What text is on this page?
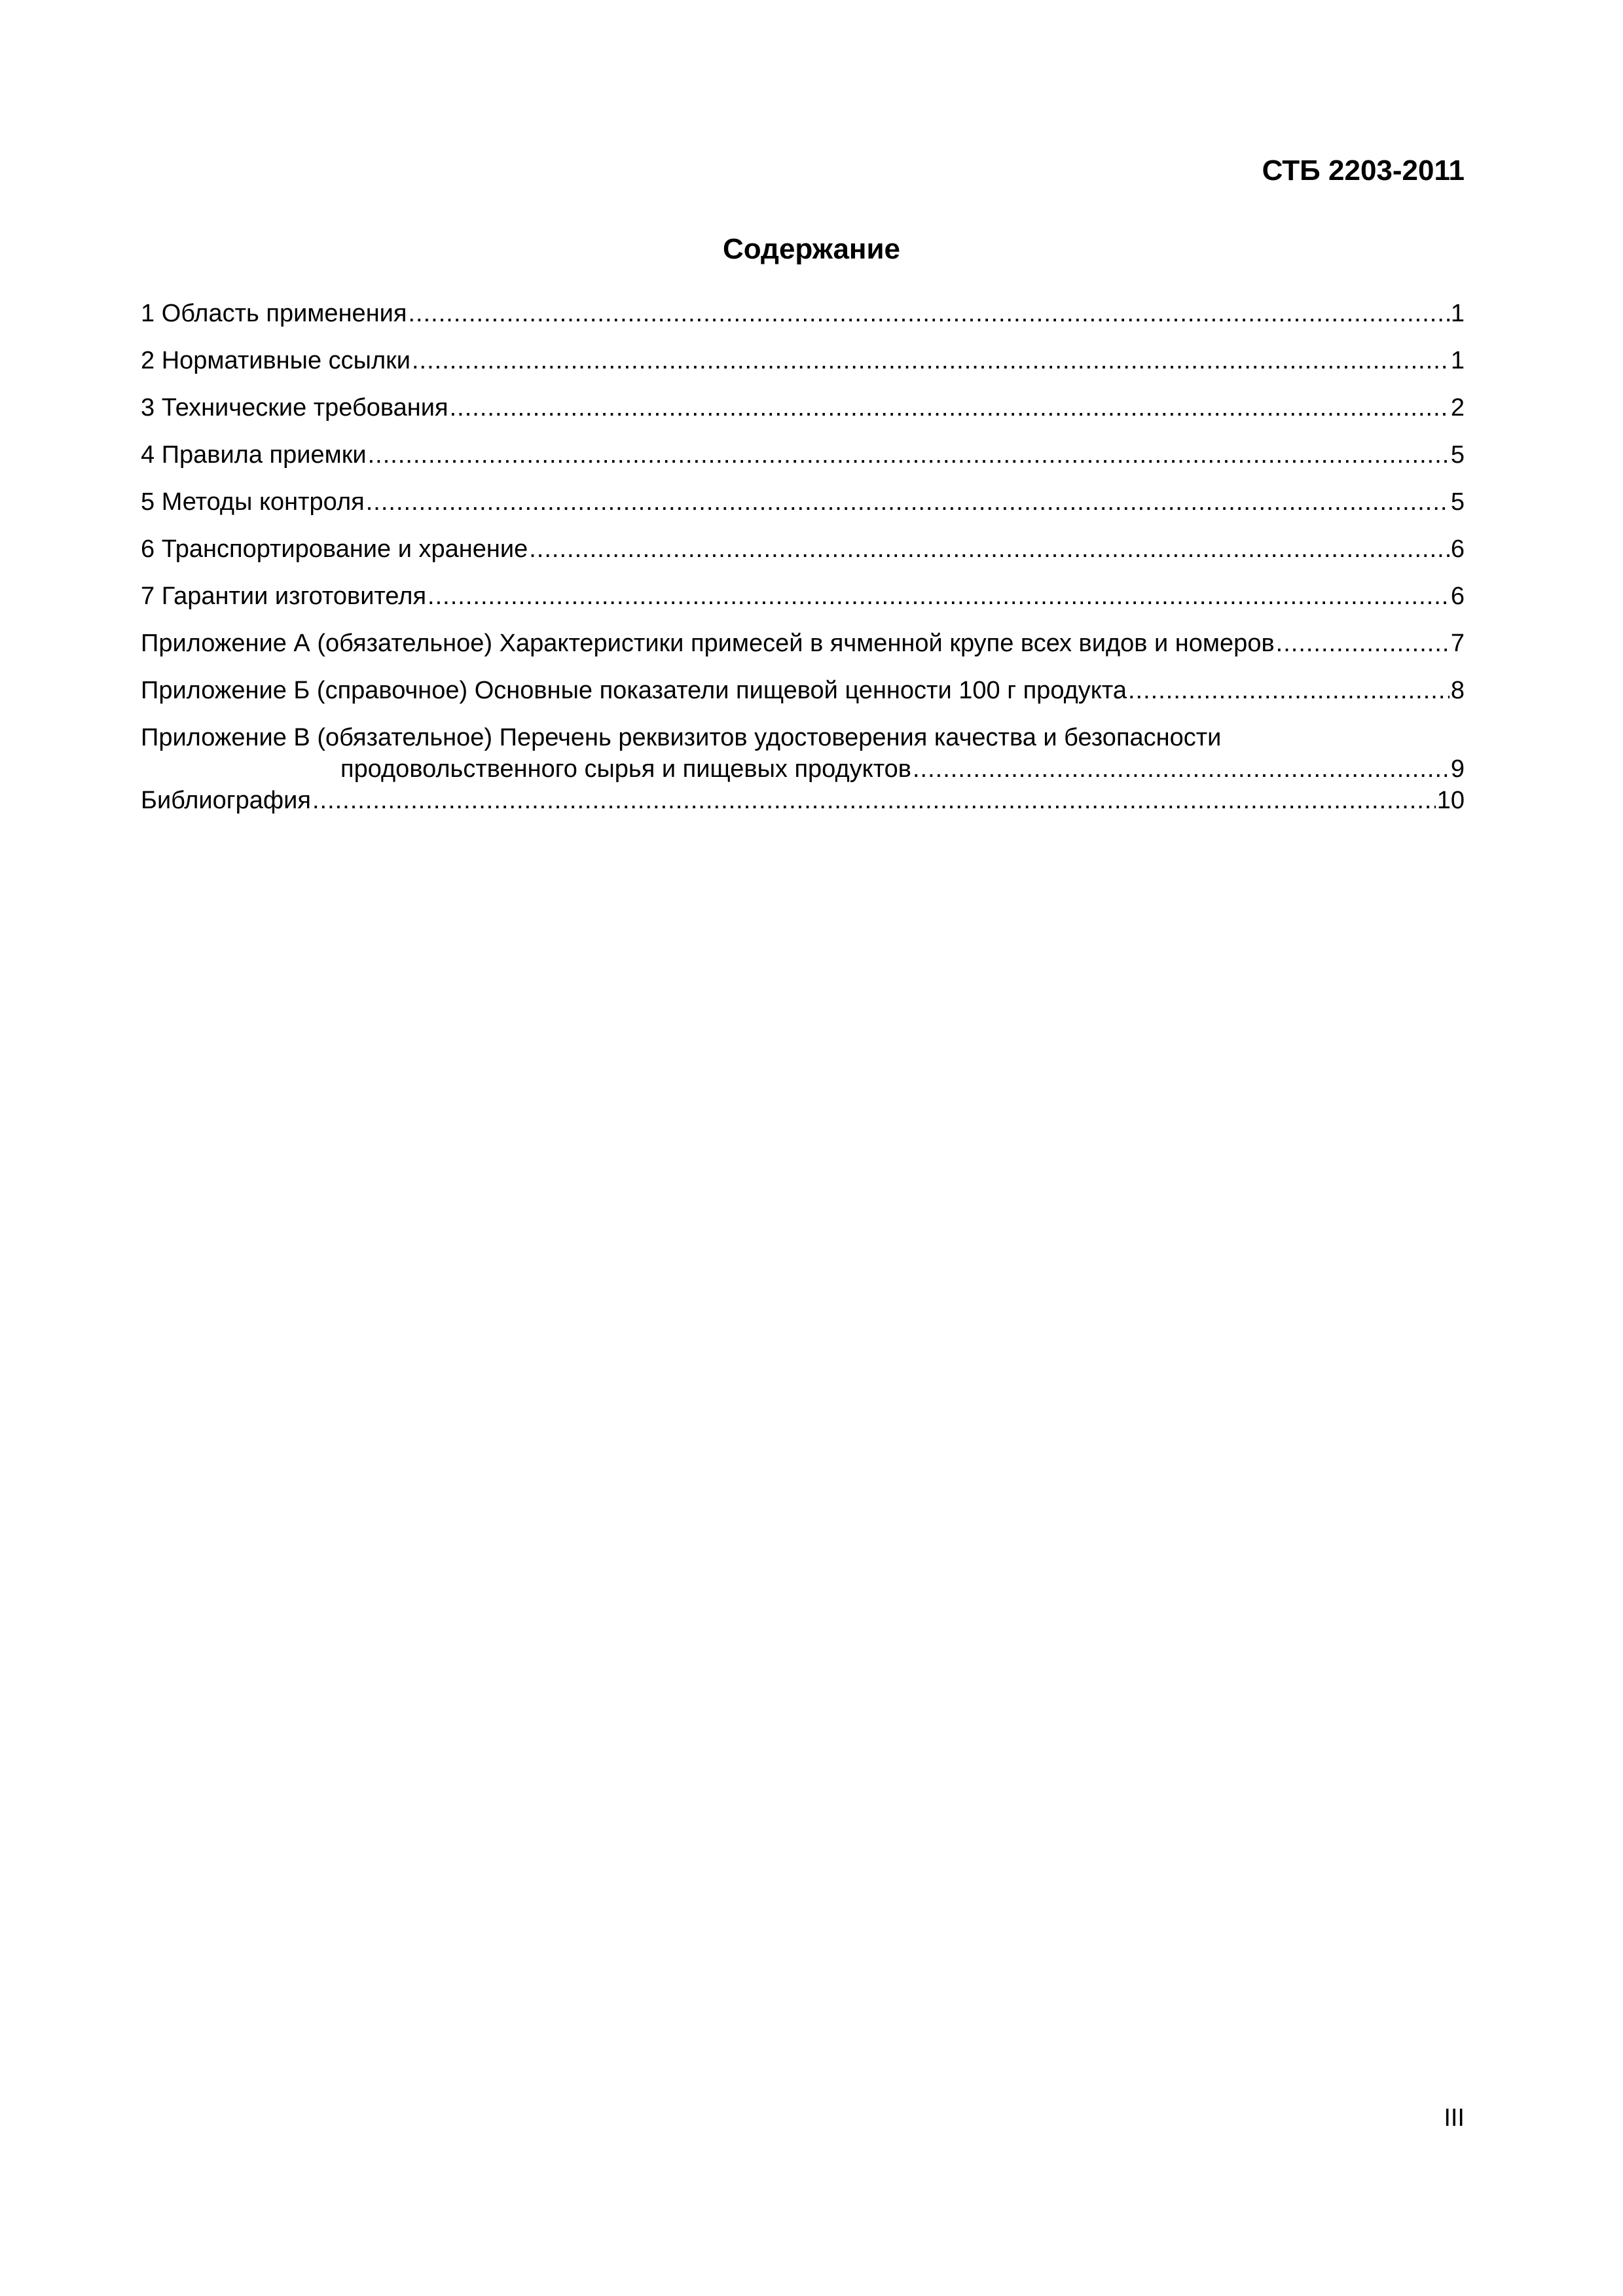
СТБ 2203-2011
Содержание
1 Область применения .....	1
2 Нормативные ссылки .....	1
3 Технические требования .....	2
4 Правила приемки .....	5
5 Методы контроля .....	5
6 Транспортирование и хранение .....	6
7 Гарантии изготовителя .....	6
Приложение А (обязательное) Характеристики примесей в ячменной крупе всех видов и номеров .....	7
Приложение Б (справочное) Основные показатели пищевой ценности 100 г продукта .....	8
Приложение В (обязательное) Перечень реквизитов удостоверения качества и безопасности
продовольственного сырья и пищевых продуктов .....	9
Библиография .....	10
III
